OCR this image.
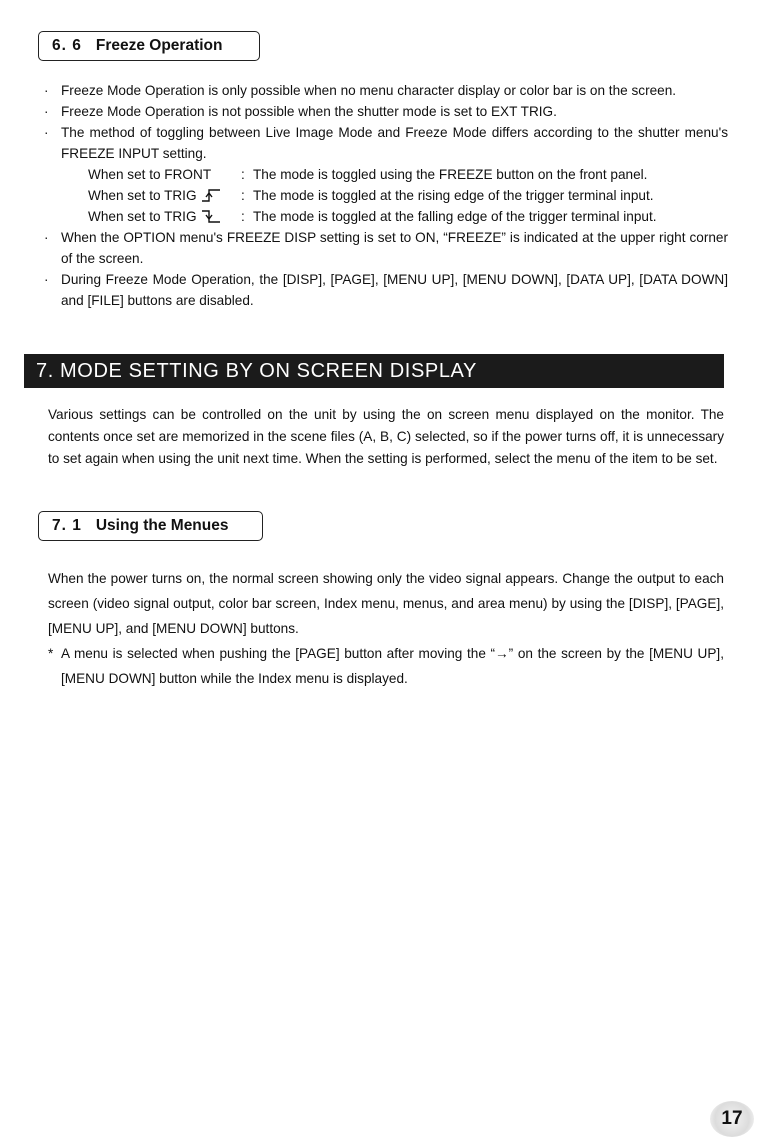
6. 6 Freeze Operation
· Freeze Mode Operation is only possible when no menu character display or color bar is on the screen.
· Freeze Mode Operation is not possible when the shutter mode is set to EXT TRIG.
· The method of toggling between Live Image Mode and Freeze Mode differs according to the shutter menu's FREEZE INPUT setting.
When set to FRONT	: The mode is toggled using the FREEZE button on the front panel.
When set to TRIG	: The mode is toggled at the rising edge of the trigger terminal input.
When set to TRIG	: The mode is toggled at the falling edge of the trigger terminal input.
· When the OPTION menu's FREEZE DISP setting is set to ON, “FREEZE” is indicated at the upper right corner of the screen.
· During Freeze Mode Operation, the [DISP], [PAGE], [MENU UP], [MENU DOWN], [DATA UP], [DATA DOWN] and [FILE] buttons are disabled.
7. MODE SETTING BY ON SCREEN DISPLAY
Various settings can be controlled on the unit by using the on screen menu displayed on the monitor. The contents once set are memorized in the scene files (A, B, C) selected, so if the power turns off, it is unnecessary to set again when using the unit next time. When the setting is performed, select the menu of the item to be set.
7. 1 Using the Menues
When the power turns on, the normal screen showing only the video signal appears. Change the output to each screen (video signal output, color bar screen, Index menu, menus, and area menu) by using the [DISP], [PAGE], [MENU UP], and [MENU DOWN] buttons.
* A menu is selected when pushing the [PAGE] button after moving the “→” on the screen by the [MENU UP], [MENU DOWN] button while the Index menu is displayed.
17
